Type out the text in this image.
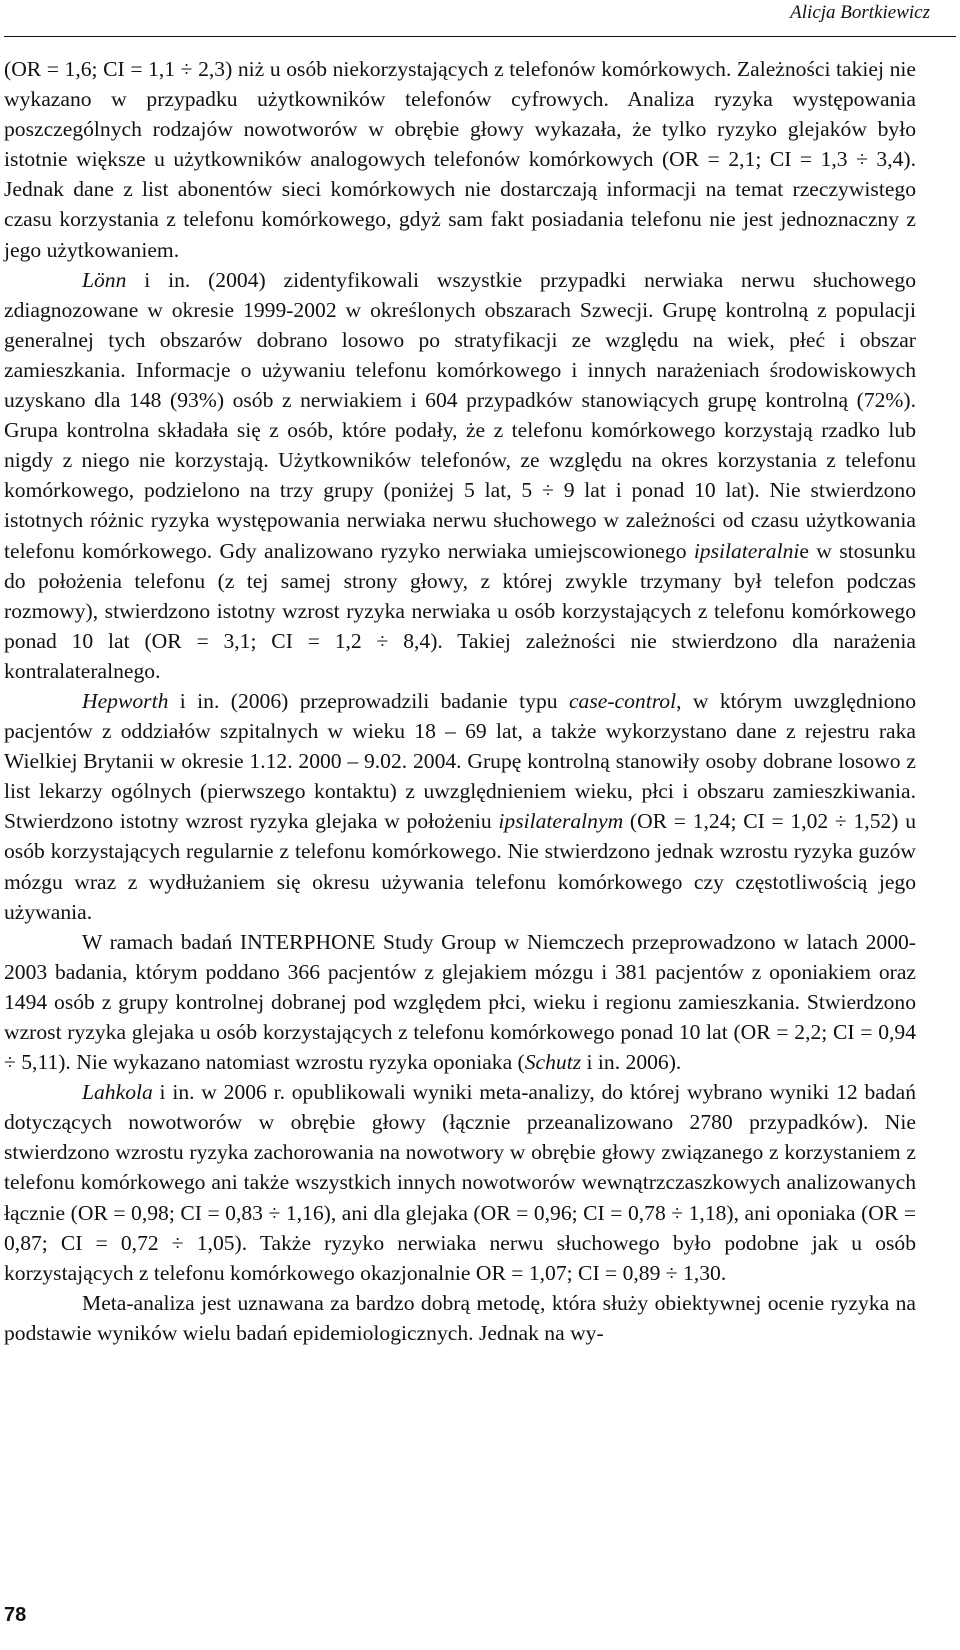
Alicja Bortkiewicz

(OR = 1,6; CI = 1,1 ÷ 2,3) niż u osób niekorzystających z telefonów komórkowych. Zależności takiej nie wykazano w przypadku użytkowników telefonów cyfrowych. Analiza ryzyka występowania poszczególnych rodzajów nowotworów w obrębie głowy wykazała, że tylko ryzyko glejaków było istotnie większe u użytkowników analogowych telefonów komórkowych (OR = 2,1; CI = 1,3 ÷ 3,4). Jednak dane z list abonentów sieci komórkowych nie dostarczają informacji na temat rzeczywistego czasu korzystania z telefonu komórkowego, gdyż sam fakt posiadania telefonu nie jest jednoznaczny z jego użytkowaniem.

Lönn i in. (2004) zidentyfikowali wszystkie przypadki nerwiaka nerwu słuchowego zdiagnozowane w okresie 1999-2002 w określonych obszarach Szwecji. Grupę kontrolną z populacji generalnej tych obszarów dobrano losowo po stratyfikacji ze względu na wiek, płeć i obszar zamieszkania. Informacje o używaniu telefonu komórkowego i innych narażeniach środowiskowych uzyskano dla 148 (93%) osób z nerwiakiem i 604 przypadków stanowiących grupę kontrolną (72%). Grupa kontrolna składała się z osób, które podały, że z telefonu komórkowego korzystają rzadko lub nigdy z niego nie korzystają. Użytkowników telefonów, ze względu na okres korzystania z telefonu komórkowego, podzielono na trzy grupy (poniżej 5 lat, 5 ÷ 9 lat i ponad 10 lat). Nie stwierdzono istotnych różnic ryzyka występowania nerwiaka nerwu słuchowego w zależności od czasu użytkowania telefonu komórkowego. Gdy analizowano ryzyko nerwiaka umiejscowionego ipsilateralnie w stosunku do położenia telefonu (z tej samej strony głowy, z której zwykle trzymany był telefon podczas rozmowy), stwierdzono istotny wzrost ryzyka nerwiaka u osób korzystających z telefonu komórkowego ponad 10 lat (OR = 3,1; CI = 1,2 ÷ 8,4). Takiej zależności nie stwierdzono dla narażenia kontralateralnego.

Hepworth i in. (2006) przeprowadzili badanie typu case-control, w którym uwzględniono pacjentów z oddziałów szpitalnych w wieku 18 – 69 lat, a także wykorzystano dane z rejestru raka Wielkiej Brytanii w okresie 1.12. 2000 – 9.02. 2004. Grupę kontrolną stanowiły osoby dobrane losowo z list lekarzy ogólnych (pierwszego kontaktu) z uwzględnieniem wieku, płci i obszaru zamieszkiwania. Stwierdzono istotny wzrost ryzyka glejaka w położeniu ipsilateralnym (OR = 1,24; CI = 1,02 ÷ 1,52) u osób korzystających regularnie z telefonu komórkowego. Nie stwierdzono jednak wzrostu ryzyka guzów mózgu wraz z wydłużaniem się okresu używania telefonu komórkowego czy częstotliwością jego używania.

W ramach badań INTERPHONE Study Group w Niemczech przeprowadzono w latach 2000-2003 badania, którym poddano 366 pacjentów z glejakiem mózgu i 381 pacjentów z oponiakiem oraz 1494 osób z grupy kontrolnej dobranej pod względem płci, wieku i regionu zamieszkania. Stwierdzono wzrost ryzyka glejaka u osób korzystających z telefonu komórkowego ponad 10 lat (OR = 2,2; CI = 0,94 ÷ 5,11). Nie wykazano natomiast wzrostu ryzyka oponiaka (Schutz i in. 2006).

Lahkola i in. w 2006 r. opublikowali wyniki meta-analizy, do której wybrano wyniki 12 badań dotyczących nowotworów w obrębie głowy (łącznie przeanalizowano 2780 przypadków). Nie stwierdzono wzrostu ryzyka zachorowania na nowotwory w obrębie głowy związanego z korzystaniem z telefonu komórkowego ani także wszystkich innych nowotworów wewnątrzczaszkowych analizowanych łącznie (OR = 0,98; CI = 0,83 ÷ 1,16), ani dla glejaka (OR = 0,96; CI = 0,78 ÷ 1,18), ani oponiaka (OR = 0,87; CI = 0,72 ÷ 1,05). Także ryzyko nerwiaka nerwu słuchowego było podobne jak u osób korzystających z telefonu komórkowego okazjonalnie OR = 1,07; CI = 0,89 ÷ 1,30.

Meta-analiza jest uznawana za bardzo dobrą metodę, która służy obiektywnej ocenie ryzyka na podstawie wyników wielu badań epidemiologicznych. Jednak na wy-

78
